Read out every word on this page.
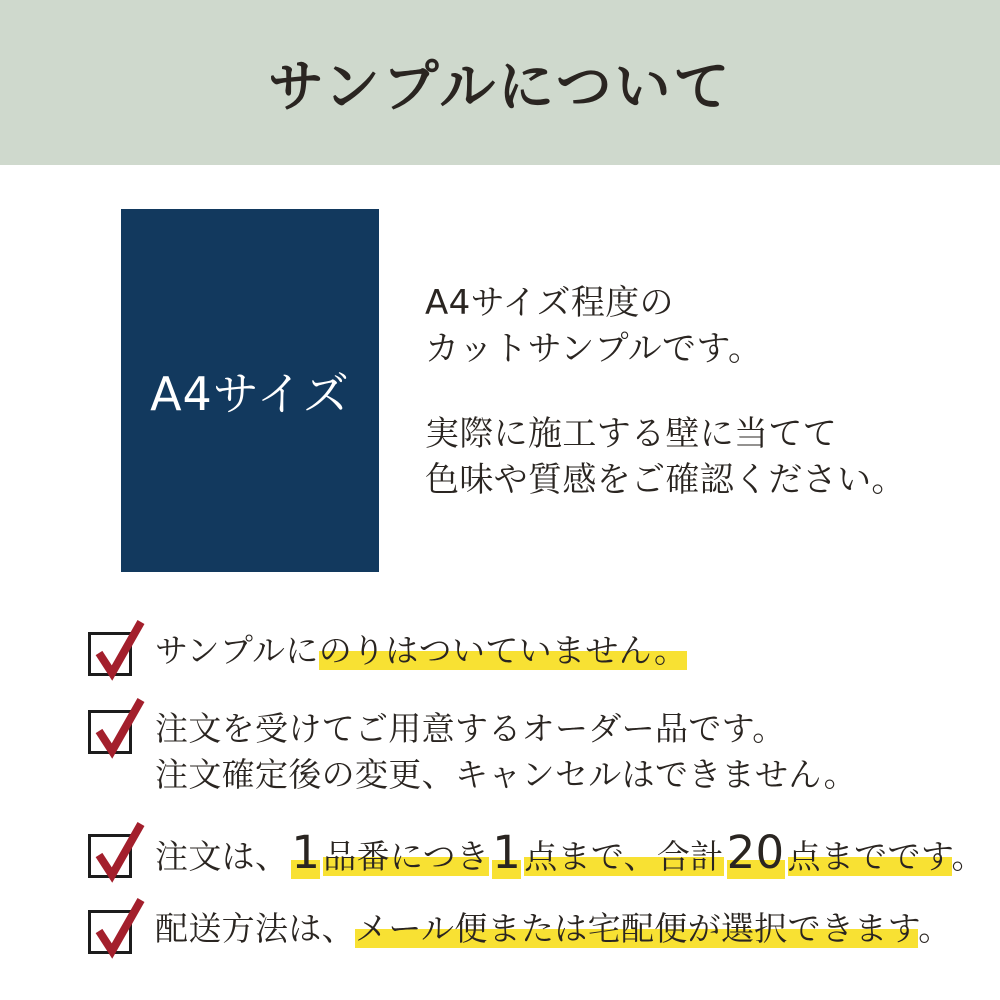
サンプルについて
A4サイズ
A4サイズ程度の
カットサンプルです。
実際に施工する壁に当てて
色味や質感をご確認ください。
サンプルにのりはついていません。
注文を受けてご用意するオーダー品です。
注文確定後の変更、キャンセルはできません。
注文は、1品番につき1点まで、合計20点までです。
配送方法は、メール便または宅配便が選択できます。
